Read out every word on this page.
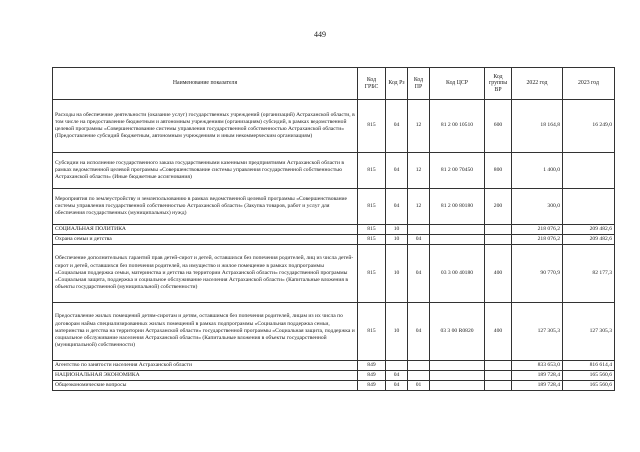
449
Наименование показателя	Код ГРБС	Код Рз	Код ПР	Код ЦСР	Код группы ВР	2022 год	2023 год
Расходы на обеспечение деятельности (оказание услуг) государственных учреждений (организаций) Астраханской области, в том числе на предоставление бюджетным и автономным учреждениям (организациям) субсидий, в рамках ведомственной целевой программы «Совершенствование системы управления государственной собственностью Астраханской области» (Предоставление субсидий бюджетным, автономным учреждениям и иным некоммерческим организациям)	815	04	12	81 2 00 10510	600	18 164,8	16 249,0
Субсидии на исполнение государственного заказа государственными казенными предприятиями Астраханской области в рамках ведомственной целевой программы «Совершенствование системы управления государственной собственностью Астраханской области» (Иные бюджетные ассигнования)	815	04	12	81 2 00 70450	800	1 400,0	
Мероприятия по землеустройству и землепользованию в рамках ведомственной целевой программы «Совершенствование системы управления государственной собственностью Астраханской области» (Закупка товаров, работ и услуг для обеспечения государственных (муниципальных) нужд)	815	04	12	81 2 00 80180	200	300,0	
СОЦИАЛЬНАЯ ПОЛИТИКА	815	10				218 076,2	209 482,6
Охрана семьи и детства	815	10	04			218 076,2	209 482,6
Обеспечение дополнительных гарантий прав детей-сирот и детей, оставшихся без попечения родителей, лиц из числа детей-сирот и детей, оставшихся без попечения родителей, на имущество и жилое помещение в рамках подпрограммы «Социальная поддержка семьи, материнства и детства на территории Астраханской области» государственной программы «Социальная защита, поддержка и социальное обслуживание населения Астраханской области» (Капитальные вложения в объекты государственной (муниципальной) собственности)	815	10	04	03 3 00 40180	400	90 770,9	82 177,3
Предоставление жилых помещений детям-сиротам и детям, оставшимся без попечения родителей, лицам из их числа по договорам найма специализированных жилых помещений в рамках подпрограммы «Социальная поддержка семьи, материнства и детства на территории Астраханской области» государственной программы «Социальная защита, поддержка и социальное обслуживание населения Астраханской области» (Капитальные вложения в объекты государственной (муниципальной) собственности)	815	10	04	03 3 00 R0820	400	127 305,3	127 305,3
Агентство по занятости населения Астраханской области	849					833 653,0	816 614,4
НАЦИОНАЛЬНАЯ ЭКОНОМИКА	849	04				189 728,4	165 560,6
Общеэкономические вопросы	849	04	01			189 728,4	165 560,6
